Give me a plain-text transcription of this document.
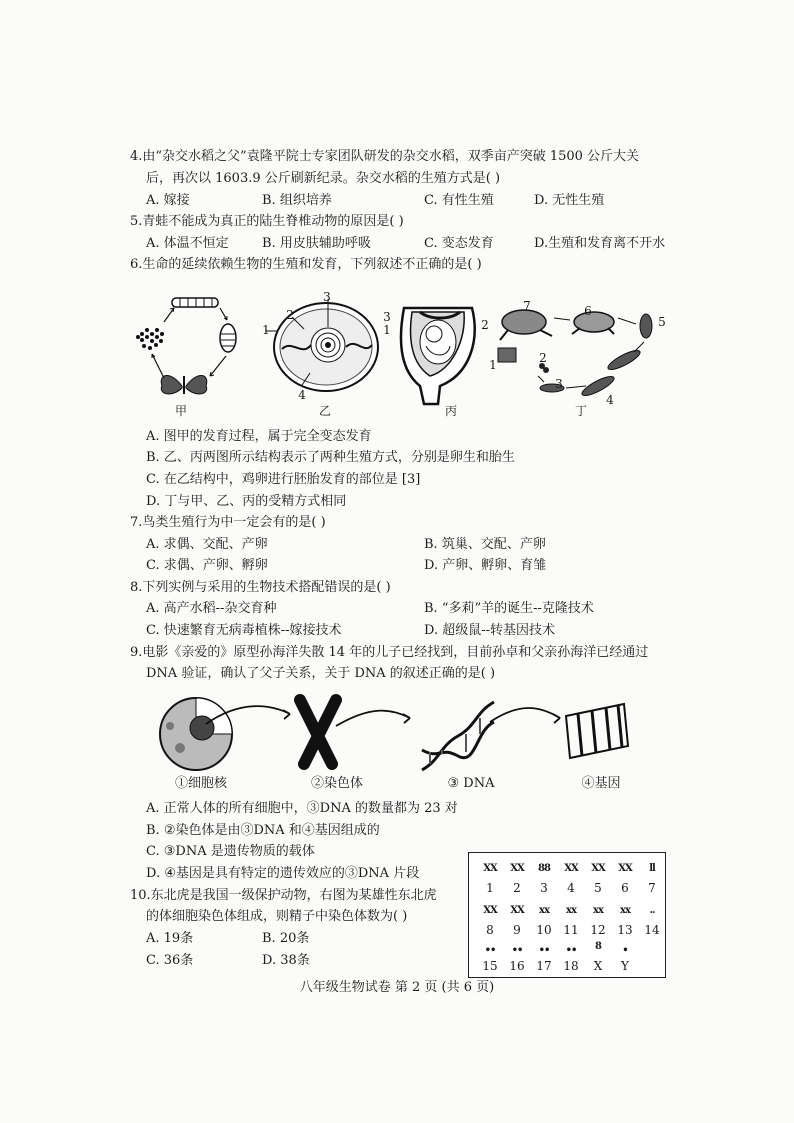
4.由“杂交水稻之父”袁隆平院士专家团队研发的杂交水稻，双季亩产突破 1500 公斤大关
后，再次以 1603.9 公斤刷新纪录。杂交水稻的生殖方式是( )
A. 嫁接	B. 组织培养	C. 有性生殖	D. 无性生殖
5.青蛙不能成为真正的陆生脊椎动物的原因是( )
A. 体温不恒定	B. 用皮肤辅助呼吸	C. 变态发育	D.生殖和发育离不开水
6.生命的延续依赖生物的生殖和发育，下列叙述不正确的是( )
甲
1
2
3
4
乙
3
1	2
丙
1	2
3
4
5
6
7
丁
A. 图甲的发育过程，属于完全变态发育
B. 乙、丙两图所示结构表示了两种生殖方式，分别是卵生和胎生
C. 在乙结构中，鸡卵进行胚胎发育的部位是 [3]
D. 丁与甲、乙、丙的受精方式相同
7.鸟类生殖行为中一定会有的是( )
A. 求偶、交配、产卵	B. 筑巢、交配、产卵
C. 求偶、产卵、孵卵	D. 产卵、孵卵、育雏
8.下列实例与采用的生物技术搭配错误的是( )
A. 高产水稻--杂交育种	B. “多莉”羊的诞生--克隆技术
C. 快速繁育无病毒植株--嫁接技术	D. 超级鼠--转基因技术
9.电影《亲爱的》原型孙海洋失散 14 年的儿子已经找到，目前孙卓和父亲孙海洋已经通过
DNA 验证，确认了父子关系，关于 DNA 的叙述正确的是( )
①细胞核	②染色体	③ DNA	④基因
A. 正常人体的所有细胞中，③DNA 的数量都为 23 对
B. ②染色体是由③DNA 和④基因组成的
C. ③DNA 是遗传物质的载体
D. ④基因是具有特定的遗传效应的③DNA 片段
10.东北虎是我国一级保护动物，右图为某雄性东北虎
的体细胞染色体组成，则精子中染色体数为( )
A. 19条	B. 20条
C. 36条	D. 38条
XX	XX	88	XX	XX	XX	ll
1	2	3	4	5	6	7
XX	XX	xx	xx	xx	xx	..
8	9	10 11 12 13 14
••	••	••	••	8	•
15 16 17 18	X	Y
八年级生物试卷 第 2 页 (共 6 页)
